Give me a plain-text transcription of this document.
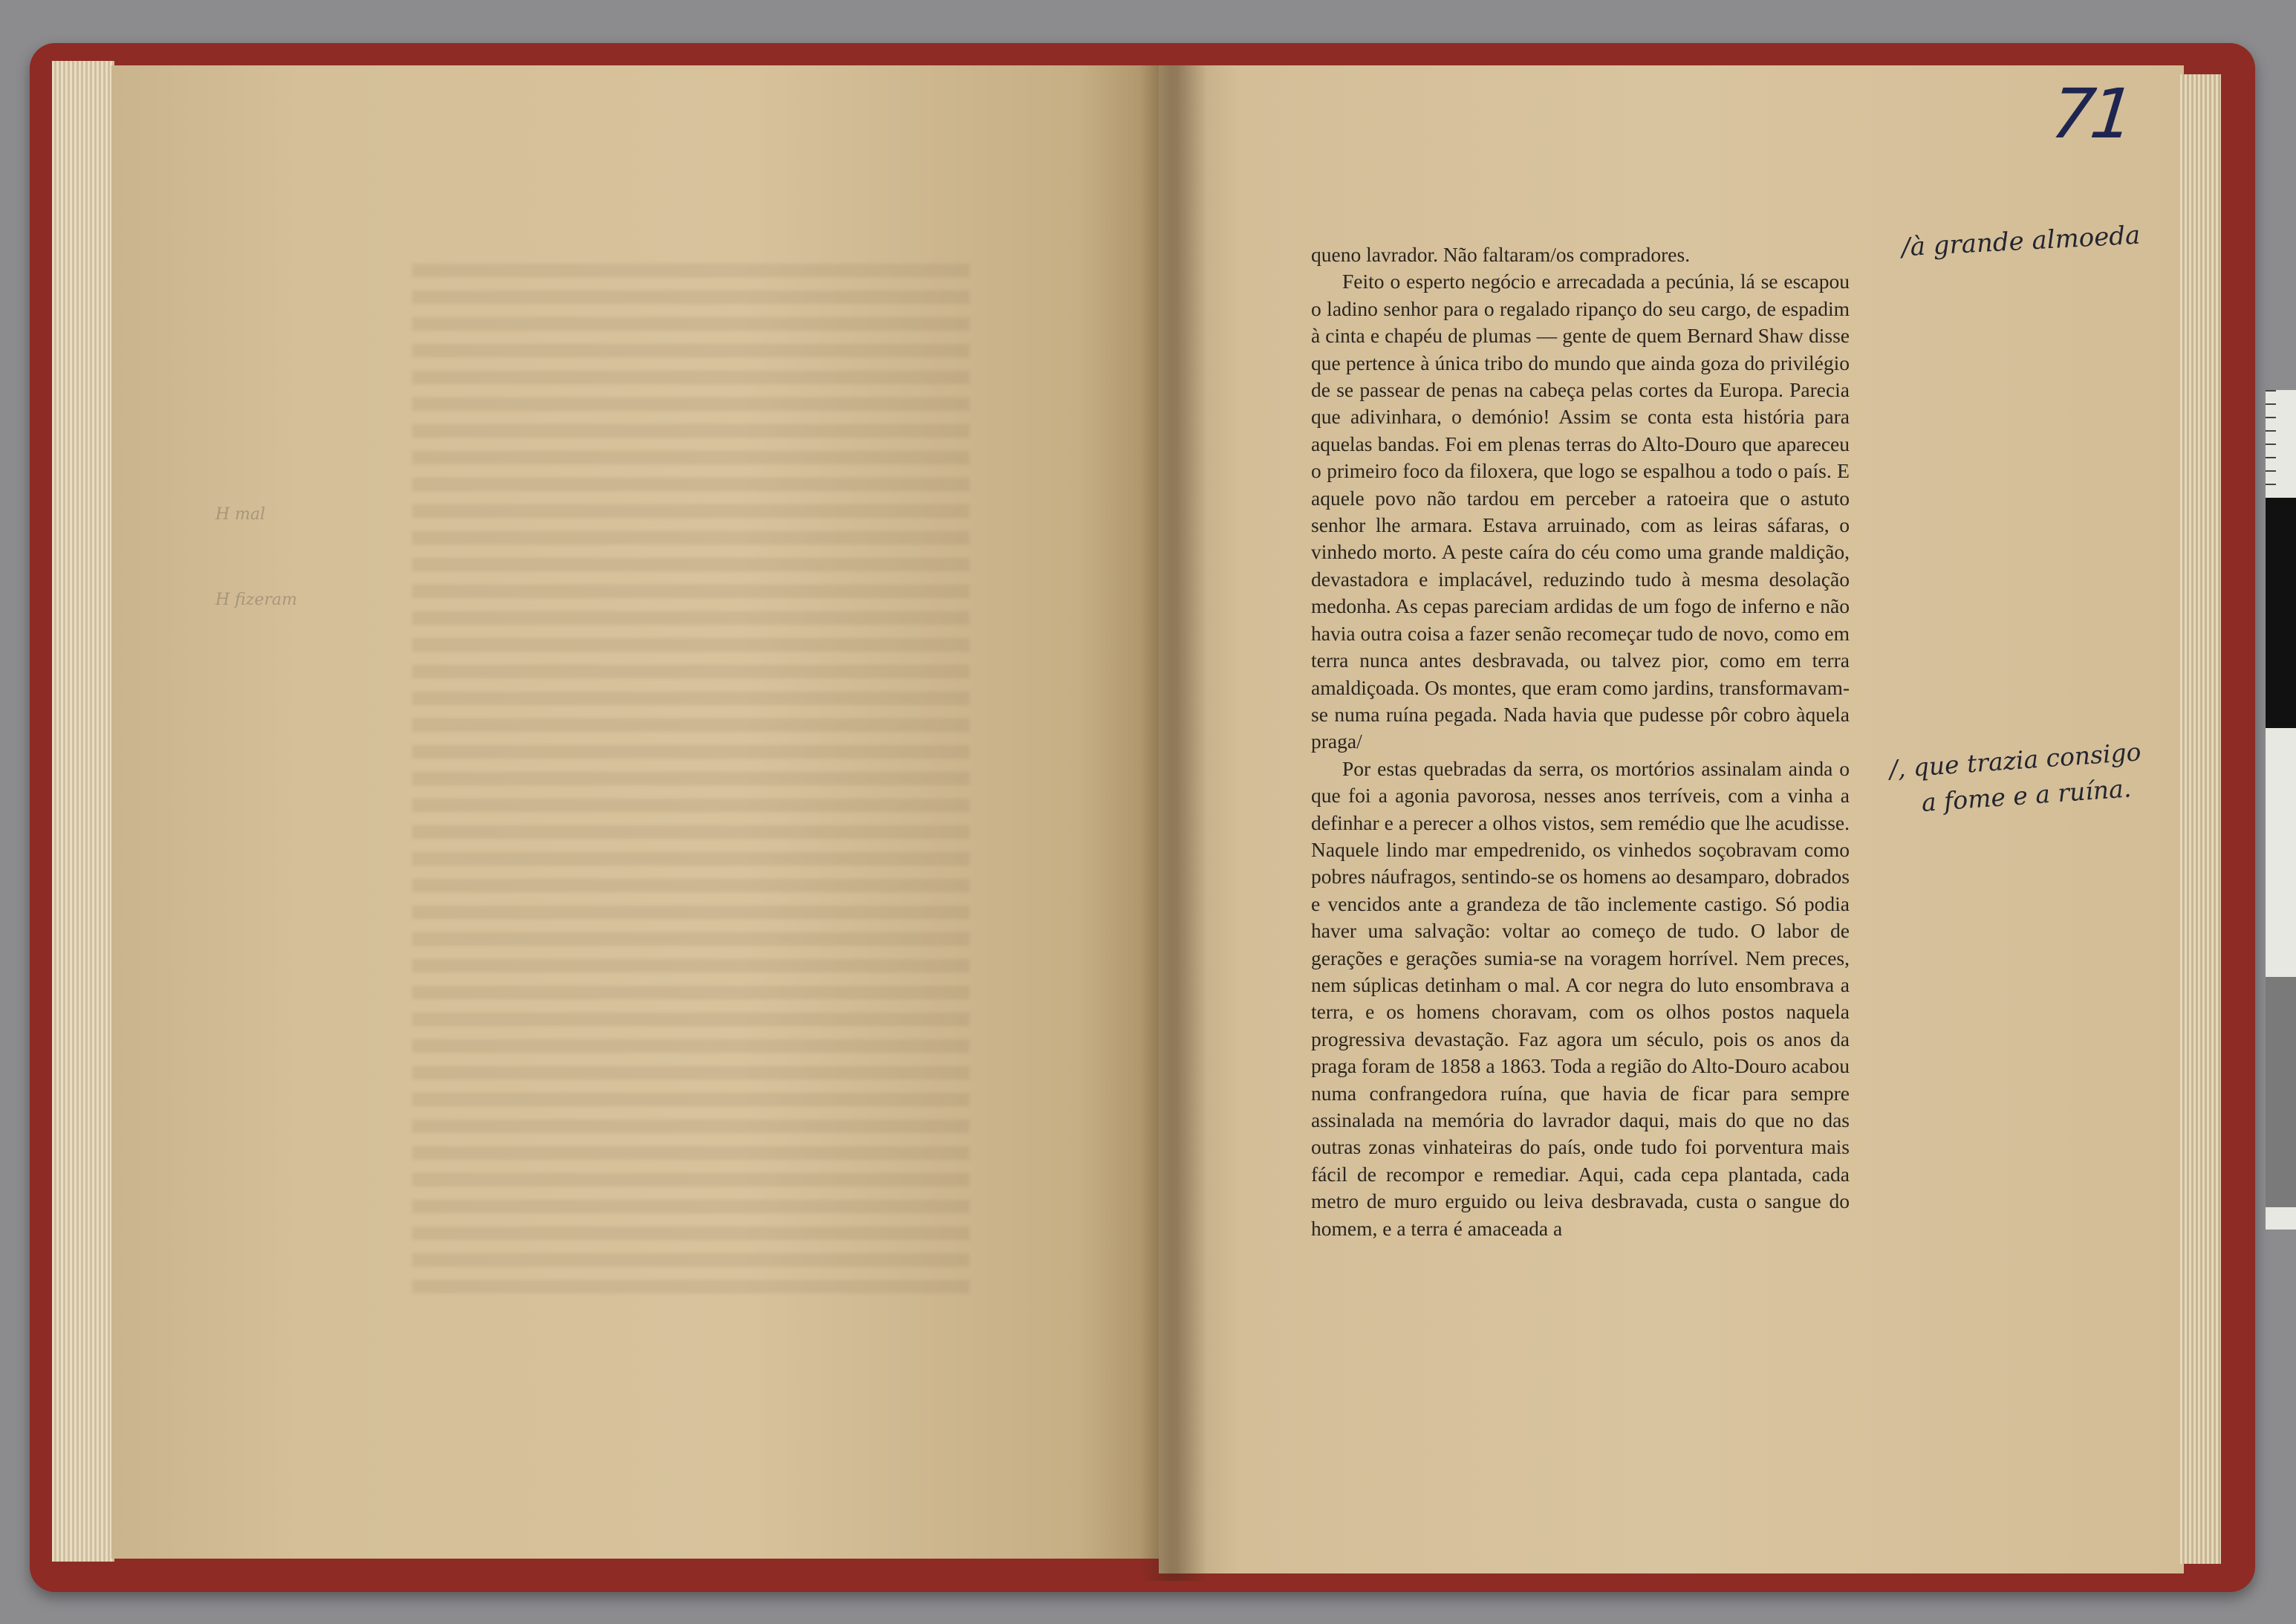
H mal
H fizeram
71
/à grande almoeda
/, que trazia consigo
a fome e a ruína.

queno lavrador. Não faltaram/os compradores.

Feito o esperto negócio e arrecadada a pecúnia, lá se escapou o ladino senhor para o regalado ripanço do seu cargo, de espadim à cinta e chapéu de plumas — gente de quem Bernard Shaw disse que pertence à única tribo do mundo que ainda goza do privilégio de se passear de penas na cabeça pelas cortes da Europa. Parecia que adivinhara, o demónio! Assim se conta esta história para aquelas bandas. Foi em plenas terras do Alto-Douro que apareceu o primeiro foco da filoxera, que logo se espalhou a todo o país. E aquele povo não tardou em perceber a ratoeira que o astuto senhor lhe armara. Estava arruinado, com as leiras sáfaras, o vinhedo morto. A peste caíra do céu como uma grande maldição, devastadora e implacável, reduzindo tudo à mesma desolação medonha. As cepas pareciam ardidas de um fogo de inferno e não havia outra coisa a fazer senão recomeçar tudo de novo, como em terra nunca antes desbravada, ou talvez pior, como em terra amaldiçoada. Os montes, que eram como jardins, transformavam-se numa ruína pegada. Nada havia que pudesse pôr cobro àquela praga/

Por estas quebradas da serra, os mortórios assinalam ainda o que foi a agonia pavorosa, nesses anos terríveis, com a vinha a definhar e a perecer a olhos vistos, sem remédio que lhe acudisse. Naquele lindo mar empedrenido, os vinhedos soçobravam como pobres náufragos, sentindo-se os homens ao desamparo, dobrados e vencidos ante a grandeza de tão inclemente castigo. Só podia haver uma salvação: voltar ao começo de tudo. O labor de gerações e gerações sumia-se na voragem horrível. Nem preces, nem súplicas detinham o mal. A cor negra do luto ensombrava a terra, e os homens choravam, com os olhos postos naquela progressiva devastação. Faz agora um século, pois os anos da praga foram de 1858 a 1863. Toda a região do Alto-Douro acabou numa confrangedora ruína, que havia de ficar para sempre assinalada na memória do lavrador daqui, mais do que no das outras zonas vinhateiras do país, onde tudo foi porventura mais fácil de recompor e remediar. Aqui, cada cepa plantada, cada metro de muro erguido ou leiva desbravada, custa o sangue do homem, e a terra é amaceada a
